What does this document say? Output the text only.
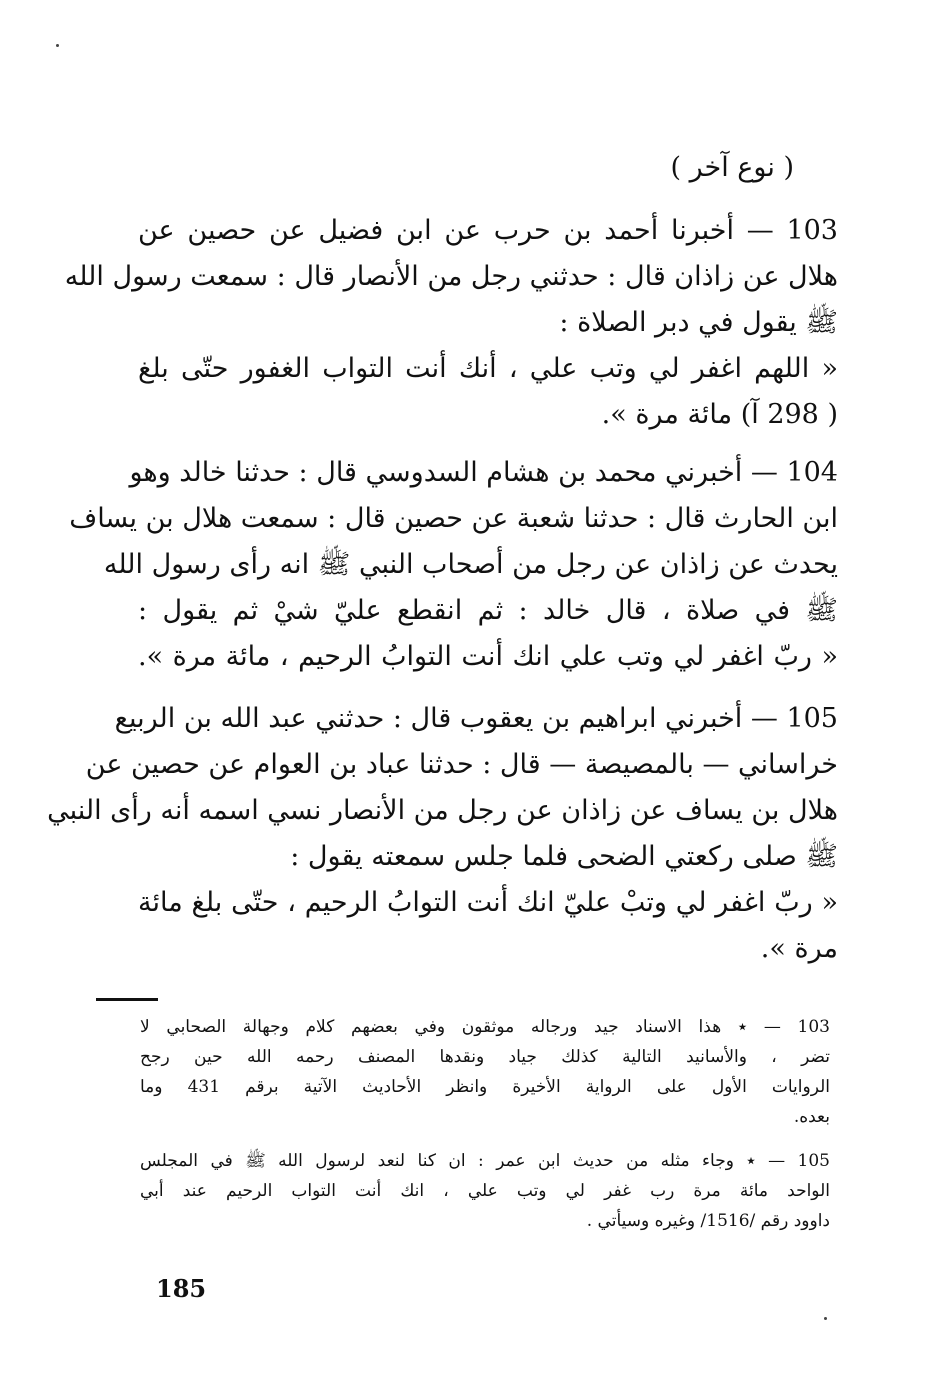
( نوع آخر )
103 — أخبرنا أحمد بن حرب عن ابن فضيل عن حصين عن
هلال عن زاذان قال : حدثني رجل من الأنصار قال : سمعت رسول الله
ﷺ يقول في دبر الصلاة :
« اللهم اغفر لي وتب علي ، أنك أنت التواب الغفور حتّى بلغ
( 298 آ) مائة مرة ».
104 — أخبرني محمد بن هشام السدوسي قال : حدثنا خالد وهو
ابن الحارث قال : حدثنا شعبة عن حصين قال : سمعت هلال بن يساف
يحدث عن زاذان عن رجل من أصحاب النبي ﷺ انه رأى رسول الله
ﷺ في صلاة ، قال خالد : ثم انقطع عليّ شيْ ثم يقول :
« ربّ اغفر لي وتب علي انك أنت التوابُ الرحيم ، مائة مرة ».
105 — أخبرني ابراهيم بن يعقوب قال : حدثني عبد الله بن الربيع
خراساني — بالمصيصة — قال : حدثنا عباد بن العوام عن حصين عن
هلال بن يساف عن زاذان عن رجل من الأنصار نسي اسمه أنه رأى النبي
ﷺ صلى ركعتي الضحى فلما جلس سمعته يقول :
« ربّ اغفر لي وتبْ عليّ انك أنت التوابُ الرحيم ، حتّى بلغ مائة
مرة ».
103 — ٭ هذا الاسناد جيد ورجاله موثقون وفي بعضهم كلام وجهالة الصحابي لا
تضر ، والأسانيد التالية كذلك جياد ونقدها المصنف رحمه الله حين رجح
الروايات الأول على الرواية الأخيرة وانظر الأحاديث الآتية برقم 431 وما
بعده.
105 — ٭ وجاء مثله من حديث ابن عمر : ان كنا لنعد لرسول الله ﷺ في المجلس
الواحد مائة مرة رب غفر لي وتب علي ، انك أنت التواب الرحيم عند أبي
داوود رقم /1516/ وغيره وسيأتي .
185
